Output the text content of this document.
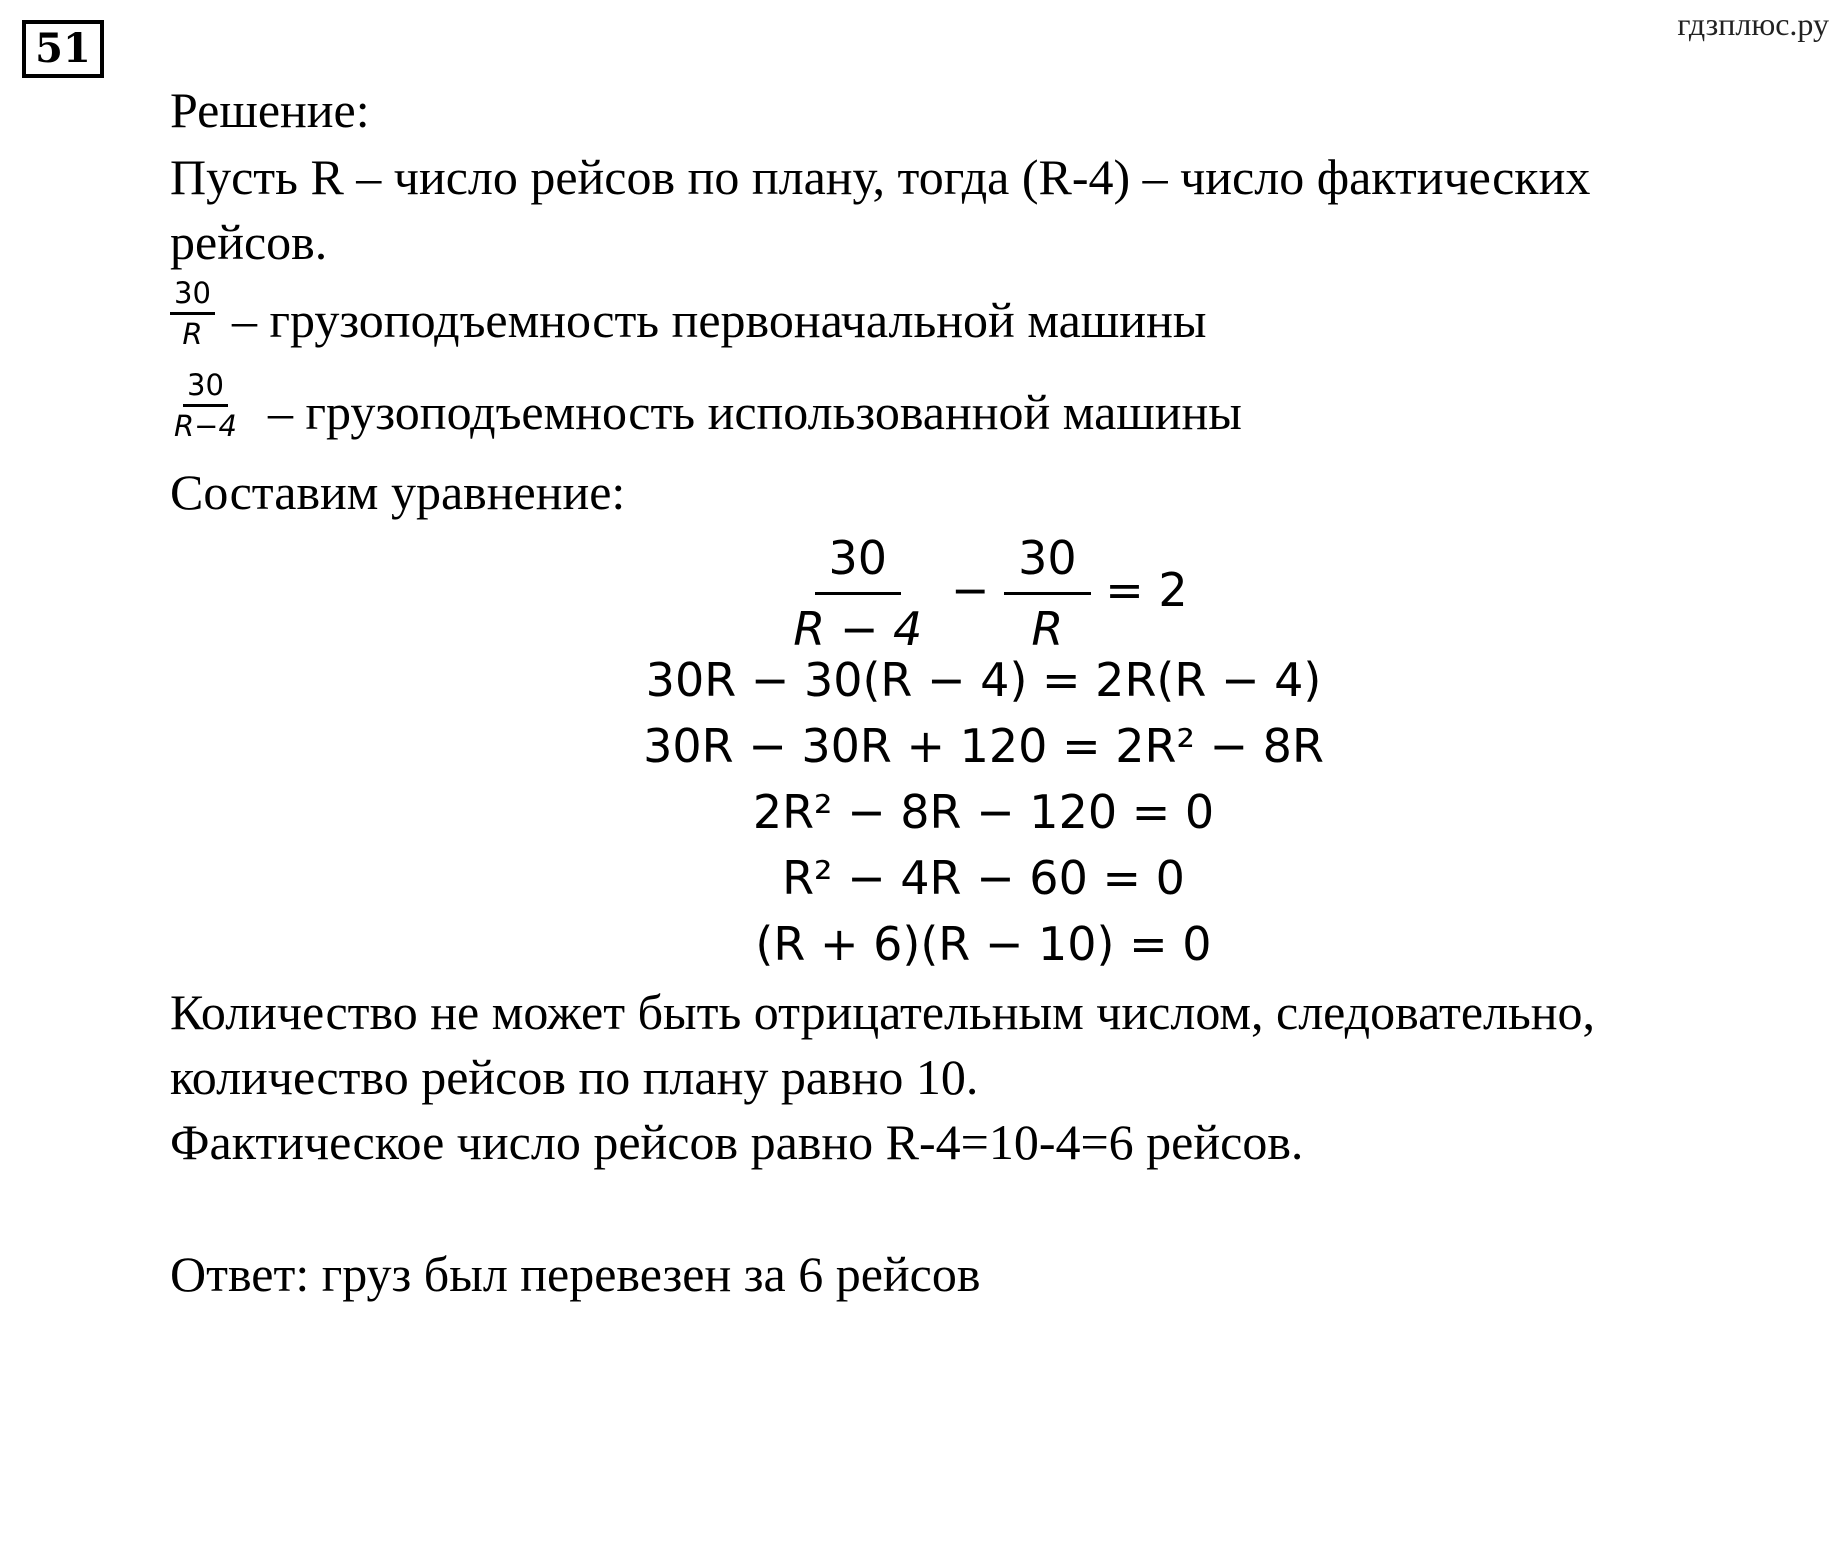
51
гдзплюс.ру
Решение:
Пусть R – число рейсов по плану, тогда (R-4) – число фактических
рейсов.
$\frac{30}{R}$ – грузоподъемность первоначальной машины
$\frac{30}{R-4}$ – грузоподъемность использованной машины
Составим уравнение:
$\frac{30}{R - 4} - \frac{30}{R} = 2$
30R − 30(R − 4) = 2R(R − 4)
30R − 30R + 120 = 2R² − 8R
2R² − 8R − 120 = 0
R² − 4R − 60 = 0
(R + 6)(R − 10) = 0
Количество не может быть отрицательным числом, следовательно,
количество рейсов по плану равно 10.
Фактическое число рейсов равно R-4=10-4=6 рейсов.
Ответ: груз был перевезен за 6 рейсов
